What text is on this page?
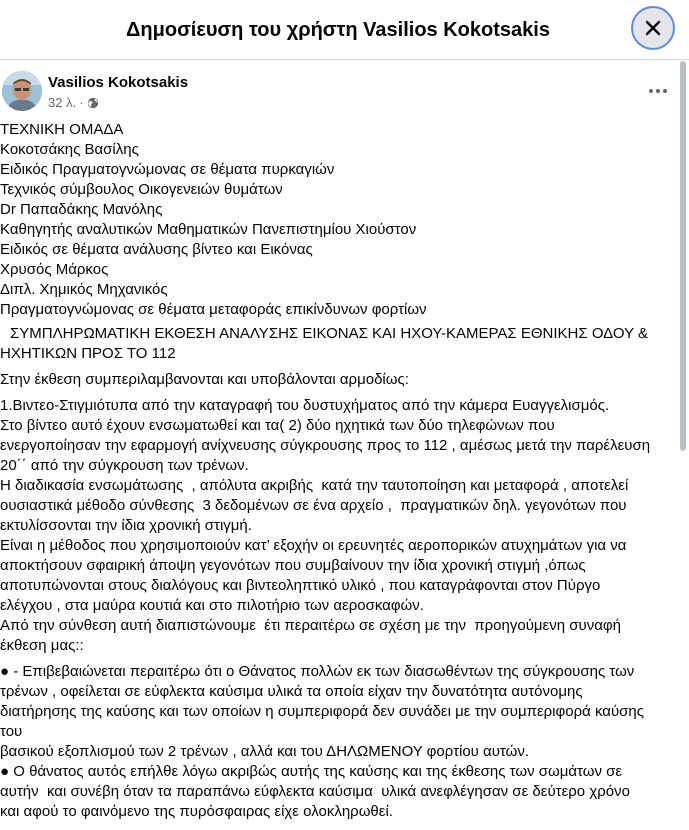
Δημοσίευση του χρήστη Vasilios Kokotsakis
Vasilios Kokotsakis
32 λ. ·
ΤΕΧΝΙΚΗ ΟΜΑΔΑ
Κοκοτσάκης Βασίλης
Ειδικός Πραγματογνώμονας σε θέματα πυρκαγιών
Τεχνικός σύμβουλος Οικογενειών θυμάτων
Dr Παπαδάκης Μανόλης
Καθηγητής αναλυτικών Μαθηματικών Πανεπιστημίου Χιούστον
Ειδικός σε θέματα ανάλυσης βίντεο και Εικόνας
Χρυσός Μάρκος
Διπλ. Χημικός Μηχανικός
Πραγματογνώμονας σε θέματα μεταφοράς επικίνδυνων φορτίων
ΣΥΜΠΛΗΡΩΜΑΤΙΚΗ ΕΚΘΕΣΗ ΑΝΑΛΥΣΗΣ ΕΙΚΟΝΑΣ ΚΑΙ ΗΧΟΥ-ΚΑΜΕΡΑΣ ΕΘΝΙΚΗΣ ΟΔΟΥ &
ΗΧΗΤΙΚΩΝ ΠΡΟΣ ΤΟ 112
Στην έκθεση συμπεριλαμβανονται και υποβάλονται αρμοδίως:
1.Βιντεο-Στιγμιότυπα από την καταγραφή του δυστυχήματος από την κάμερα Ευαγγελισμός.
Στο βίντεο αυτό έχουν ενσωματωθεί και τα( 2) δύο ηχητικά των δύο τηλεφώνων που
ενεργοποίησαν την εφαρμογή ανίχνευσης σύγκρουσης προς το 112 , αμέσως μετά την παρέλευση
20΄΄ από την σύγκρουση των τρένων.
Η διαδικασία ενσωμάτωσης  , απόλυτα ακριβής  κατά την ταυτοποίηση και μεταφορά , αποτελεί
ουσιαστικά μέθοδο σύνθεσης  3 δεδομένων σε ένα αρχείο ,  πραγματικών δηλ. γεγονότων που
εκτυλίσσονται την ίδια χρονική στιγμή.
Είναι η μέθοδος που χρησιμοποιούν κατ’ εξοχήν οι ερευνητές αεροπορικών ατυχημάτων για να
αποκτήσουν σφαιρική άποψη γεγονότων που συμβαίνουν την ίδια χρονική στιγμή ,όπως
αποτυπώνονται στους διαλόγους και βιντεοληπτικό υλικό , που καταγράφονται στον Πύργο
ελέγχου , στα μαύρα κουτιά και στο πιλοτήριο των αεροσκαφών.
Από την σύνθεση αυτή διαπιστώνουμε  έτι περαιτέρω σε σχέση με την  προηγούμενη συναφή
έκθεση μας::
● - Επιβεβαιώνεται περαιτέρω ότι ο Θάνατος πολλών εκ των διασωθέντων της σύγκρουσης των
τρένων , οφείλεται σε εύφλεκτα καύσιμα υλικά τα οποία είχαν την δυνατότητα αυτόνομης
διατήρησης της καύσης και των οποίων η συμπεριφορά δεν συνάδει με την συμπεριφορά καύσης
του
βασικού εξοπλισμού των 2 τρένων , αλλά και του ΔΗΛΩΜΕΝΟΥ φορτίου αυτών.
● Ο θάνατος αυτός επήλθε λόγω ακριβώς αυτής της καύσης και της έκθεσης των σωμάτων σε
αυτήν  και συνέβη όταν τα παραπάνω εύφλεκτα καύσιμα  υλικά ανεφλέγησαν σε δεύτερο χρόνο
και αφού το φαινόμενο της πυρόσφαιρας είχε ολοκληρωθεί.
